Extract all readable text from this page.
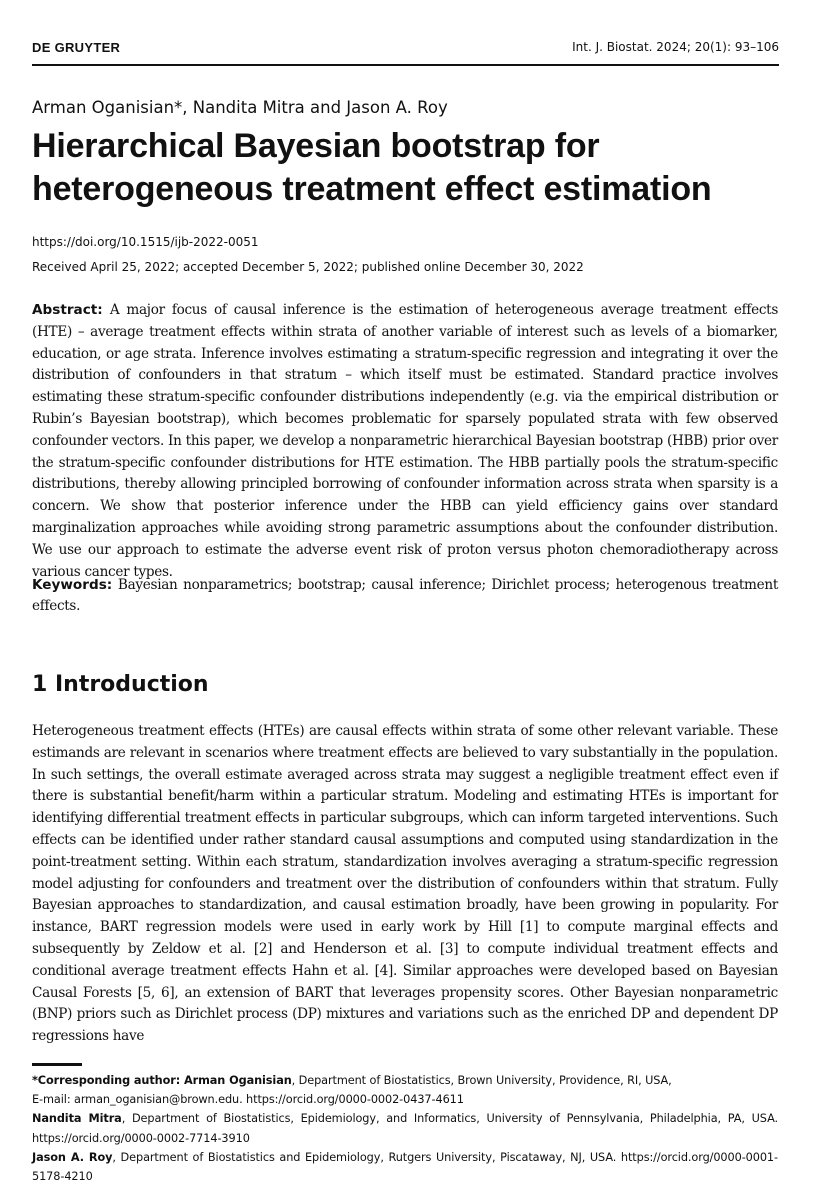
DE GRUYTER	Int. J. Biostat. 2024; 20(1): 93–106
Arman Oganisian*, Nandita Mitra and Jason A. Roy
Hierarchical Bayesian bootstrap for heterogeneous treatment effect estimation
https://doi.org/10.1515/ijb-2022-0051
Received April 25, 2022; accepted December 5, 2022; published online December 30, 2022

Abstract: A major focus of causal inference is the estimation of heterogeneous average treatment effects (HTE) – average treatment effects within strata of another variable of interest such as levels of a biomarker, education, or age strata. Inference involves estimating a stratum-specific regression and integrating it over the distribution of confounders in that stratum – which itself must be estimated. Standard practice involves estimating these stratum-specific confounder distributions independently (e.g. via the empirical distribution or Rubin’s Bayesian bootstrap), which becomes problematic for sparsely populated strata with few observed confounder vectors. In this paper, we develop a nonparametric hierarchical Bayesian bootstrap (HBB) prior over the stratum-specific confounder distributions for HTE estimation. The HBB partially pools the stratum-specific distributions, thereby allowing principled borrowing of confounder information across strata when sparsity is a concern. We show that posterior inference under the HBB can yield efficiency gains over standard marginalization approaches while avoiding strong parametric assumptions about the confounder distribution. We use our approach to estimate the adverse event risk of proton versus photon chemoradiotherapy across various cancer types.

Keywords: Bayesian nonparametrics; bootstrap; causal inference; Dirichlet process; heterogenous treatment effects.

1 Introduction

Heterogeneous treatment effects (HTEs) are causal effects within strata of some other relevant variable. These estimands are relevant in scenarios where treatment effects are believed to vary substantially in the population. In such settings, the overall estimate averaged across strata may suggest a negligible treatment effect even if there is substantial benefit/harm within a particular stratum. Modeling and estimating HTEs is important for identifying differential treatment effects in particular subgroups, which can inform targeted interventions. Such effects can be identified under rather standard causal assumptions and computed using standardization in the point-treatment setting. Within each stratum, standardization involves averaging a stratum-specific regression model adjusting for confounders and treatment over the distribution of confounders within that stratum. Fully Bayesian approaches to standardization, and causal estimation broadly, have been growing in popularity. For instance, BART regression models were used in early work by Hill [1] to compute marginal effects and subsequently by Zeldow et al. [2] and Henderson et al. [3] to compute individual treatment effects and conditional average treatment effects Hahn et al. [4]. Similar approaches were developed based on Bayesian Causal Forests [5, 6], an extension of BART that leverages propensity scores. Other Bayesian nonparametric (BNP) priors such as Dirichlet process (DP) mixtures and variations such as the enriched DP and dependent DP regressions have

*Corresponding author: Arman Oganisian, Department of Biostatistics, Brown University, Providence, RI, USA,

E-mail: arman_oganisian@brown.edu. https://orcid.org/0000-0002-0437-4611

Nandita Mitra, Department of Biostatistics, Epidemiology, and Informatics, University of Pennsylvania, Philadelphia, PA, USA. https://orcid.org/0000-0002-7714-3910

Jason A. Roy, Department of Biostatistics and Epidemiology, Rutgers University, Piscataway, NJ, USA. https://orcid.org/0000-0001-5178-4210
